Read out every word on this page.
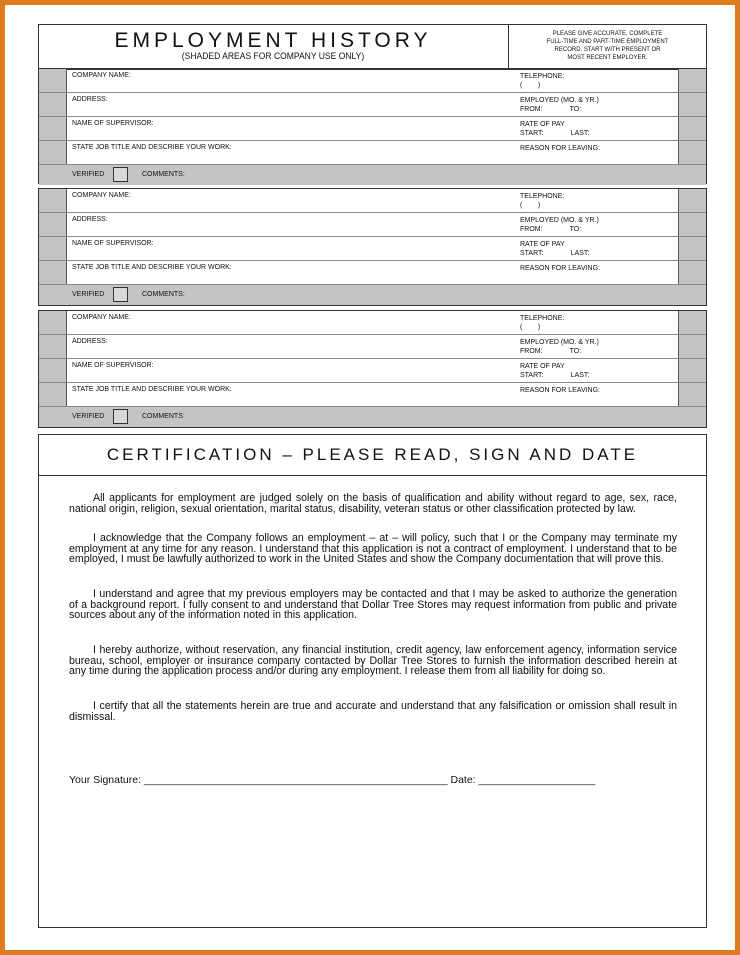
EMPLOYMENT HISTORY
(SHADED AREAS FOR COMPANY USE ONLY)
PLEASE GIVE ACCURATE, COMPLETE
FULL-TIME AND PART-TIME EMPLOYMENT
RECORD. START WITH PRESENT OR
MOST RECENT EMPLOYER.
COMPANY NAME:	TELEPHONE:
(        )
ADDRESS:	EMPLOYED (MO. & YR.)
FROM:              TO:
NAME OF SUPERVISOR:	RATE OF PAY
START:              LAST:
STATE JOB TITLE AND DESCRIBE YOUR WORK:	REASON FOR LEAVING:
VERIFIED	COMMENTS:
COMPANY NAME:	TELEPHONE:
(        )
ADDRESS:	EMPLOYED (MO. & YR.)
FROM:              TO:
NAME OF SUPERVISOR:	RATE OF PAY
START:              LAST:
STATE JOB TITLE AND DESCRIBE YOUR WORK:	REASON FOR LEAVING:
VERIFIED	COMMENTS:
COMPANY NAME:	TELEPHONE:
(        )
ADDRESS:	EMPLOYED (MO. & YR.)
FROM:              TO:
NAME OF SUPERVISOR:	RATE OF PAY
START:              LAST:
STATE JOB TITLE AND DESCRIBE YOUR WORK:	REASON FOR LEAVING:
VERIFIED	COMMENTS:
CERTIFICATION – PLEASE READ, SIGN AND DATE
All applicants for employment are judged solely on the basis of qualification and ability without regard to age, sex, race, national origin, religion, sexual orientation, marital status, disability, veteran status or other classification protected by law.
I acknowledge that the Company follows an employment – at – will policy, such that I or the Company may terminate my employment at any time for any reason. I understand that this application is not a contract of employment. I understand that to be employed, I must be lawfully authorized to work in the United States and show the Company documentation that will prove this.
I understand and agree that my previous employers may be contacted and that I may be asked to authorize the generation of a background report. I fully consent to and understand that Dollar Tree Stores may request information from public and private sources about any of the information noted in this application.
I hereby authorize, without reservation, any financial institution, credit agency, law enforcement agency, information service bureau, school, employer or insurance company contacted by Dollar Tree Stores to furnish the information described herein at any time during the application process and/or during any employment. I release them from all liability for doing so.
I certify that all the statements herein are true and accurate and understand that any falsification or omission shall result in dismissal.
Your Signature: ____________________________________________________ Date: ____________________
